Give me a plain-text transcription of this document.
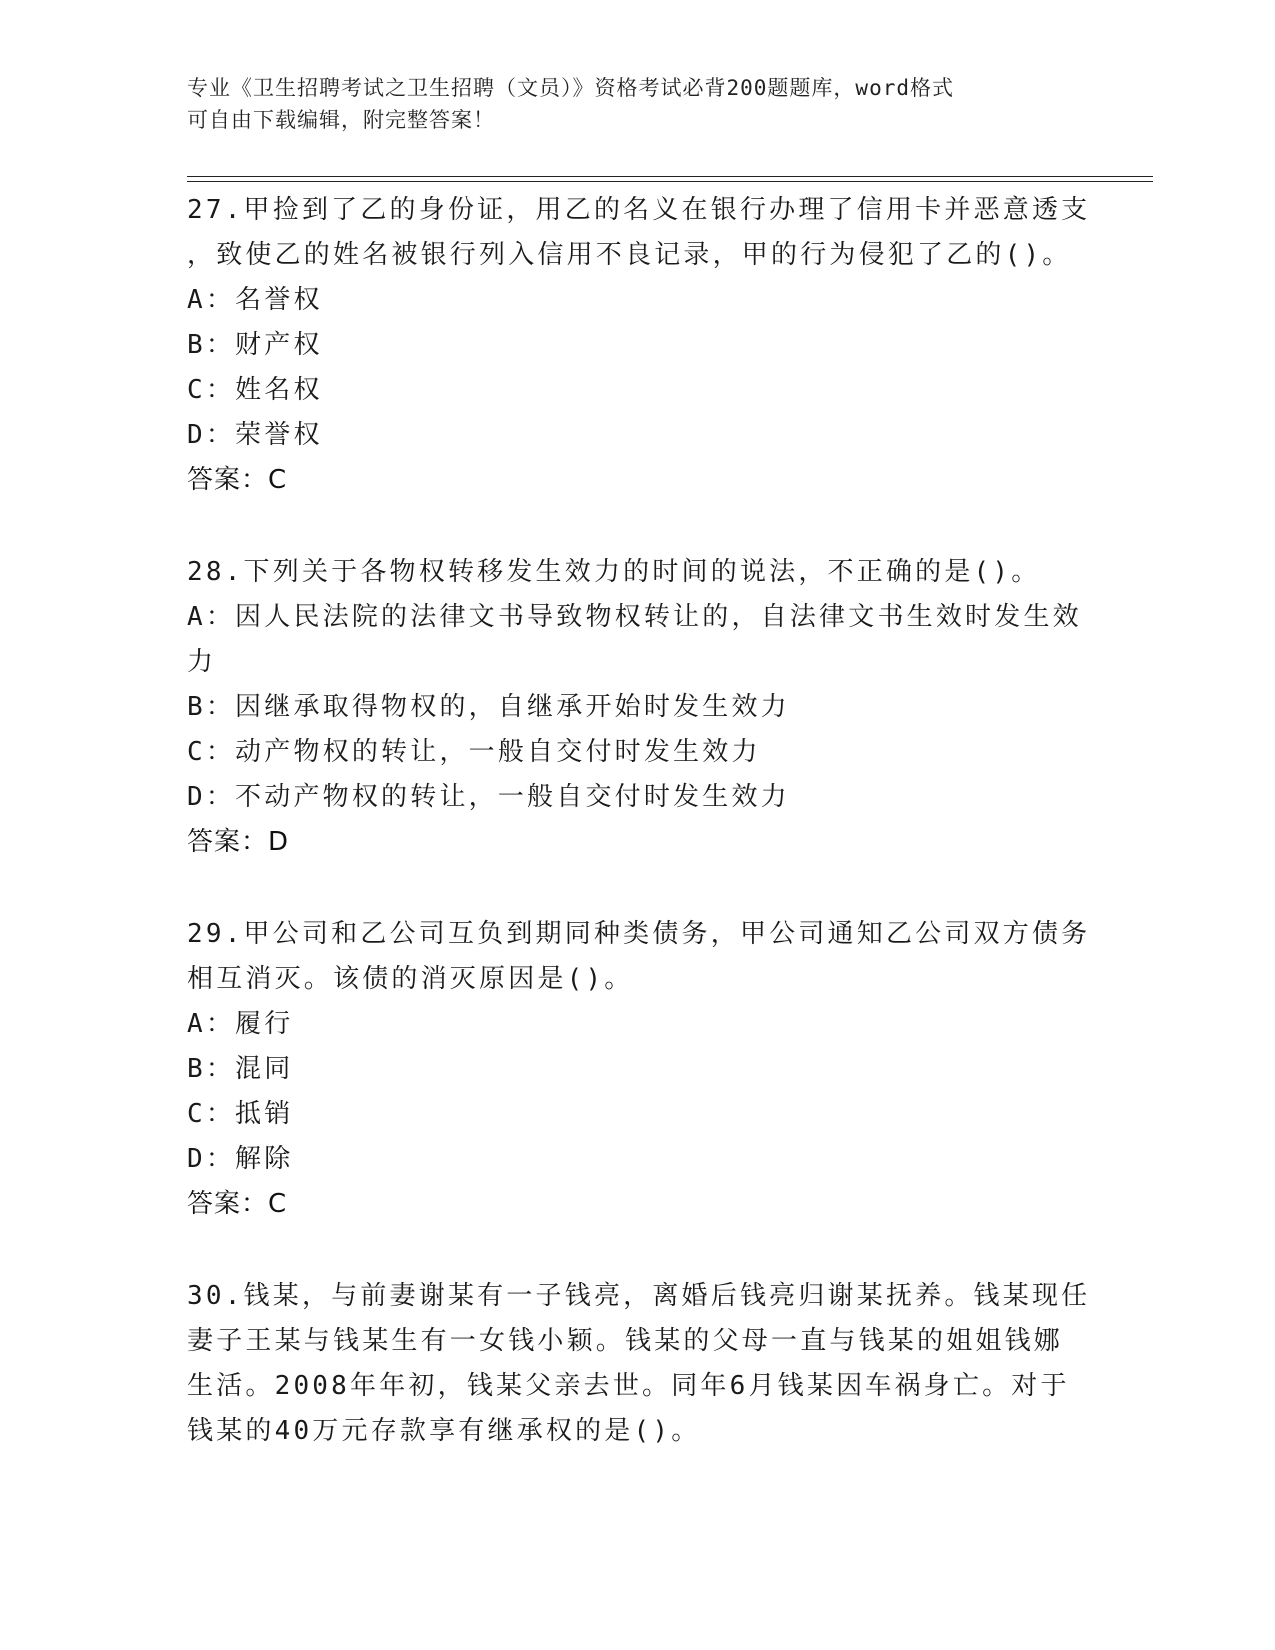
专业《卫生招聘考试之卫生招聘（文员）》资格考试必背200题题库，word格式
可自由下载编辑，附完整答案！
27.甲捡到了乙的身份证，用乙的名义在银行办理了信用卡并恶意透支
，致使乙的姓名被银行列入信用不良记录，甲的行为侵犯了乙的()。
A：名誉权
B：财产权
C：姓名权
D：荣誉权
答案：C
28.下列关于各物权转移发生效力的时间的说法，不正确的是()。
A：因人民法院的法律文书导致物权转让的，自法律文书生效时发生效
力
B：因继承取得物权的，自继承开始时发生效力
C：动产物权的转让，一般自交付时发生效力
D：不动产物权的转让，一般自交付时发生效力
答案：D
29.甲公司和乙公司互负到期同种类债务，甲公司通知乙公司双方债务
相互消灭。该债的消灭原因是()。
A：履行
B：混同
C：抵销
D：解除
答案：C
30.钱某，与前妻谢某有一子钱亮，离婚后钱亮归谢某抚养。钱某现任
妻子王某与钱某生有一女钱小颖。钱某的父母一直与钱某的姐姐钱娜
生活。2008年年初，钱某父亲去世。同年6月钱某因车祸身亡。对于
钱某的40万元存款享有继承权的是()。
